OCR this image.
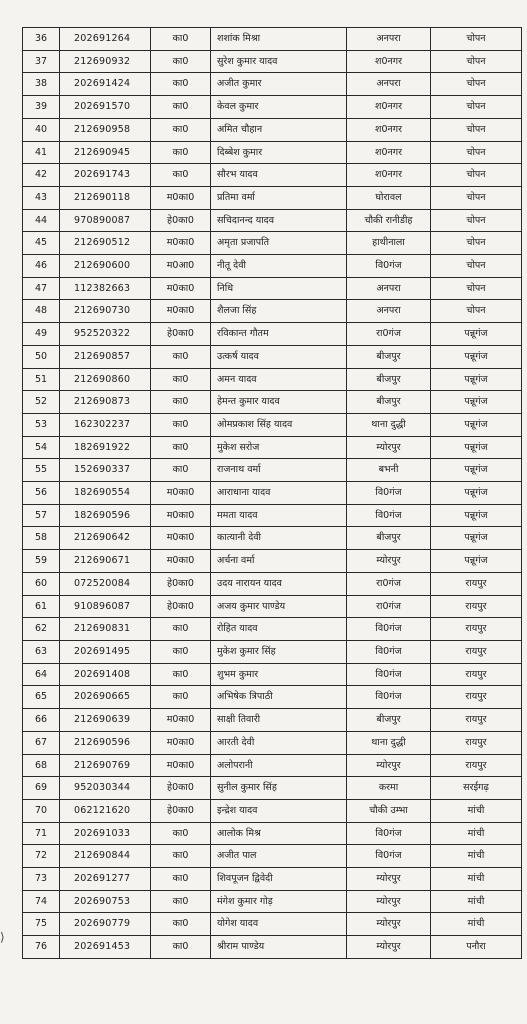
36	202691264	का0	शशांक मिश्रा	अनपरा	चोपन
37	212690932	का0	सुरेश कुमार यादव	श0नगर	चोपन
38	202691424	का0	अजीत कुमार	अनपरा	चोपन
39	202691570	का0	केवल कुमार	श0नगर	चोपन
40	212690958	का0	अमित चौहान	श0नगर	चोपन
41	212690945	का0	दिब्बेश कुमार	श0नगर	चोपन
42	202691743	का0	सौरभ यादव	श0नगर	चोपन
43	212690118	म0का0	प्रतिमा वर्मा	घोरावल	चोपन
44	970890087	हे0का0	सचिदानन्द यादव	चौकी रानीडीह	चोपन
45	212690512	म0का0	अमृता प्रजापति	हाथीनाला	चोपन
46	212690600	म0आ0	नीतू देवी	वि0गंज	चोपन
47	112382663	म0का0	निधि	अनपरा	चोपन
48	212690730	म0का0	शैलजा सिंह	अनपरा	चोपन
49	952520322	हे0का0	रविकान्त गौतम	रा0गंज	पन्नूगंज
50	212690857	का0	उत्कर्ष यादव	बीजपुर	पन्नूगंज
51	212690860	का0	अमन यादव	बीजपुर	पन्नूगंज
52	212690873	का0	हेमन्त कुमार यादव	बीजपुर	पन्नूगंज
53	162302237	का0	ओमप्रकाश सिंह यादव	थाना दुद्धी	पन्नूगंज
54	182691922	का0	मुकेश सरोज	म्योरपुर	पन्नूगंज
55	152690337	का0	राजनाथ वर्मा	बभनी	पन्नूगंज
56	182690554	म0का0	आराधाना यादव	वि0गंज	पन्नूगंज
57	182690596	म0का0	ममता यादव	वि0गंज	पन्नूगंज
58	212690642	म0का0	कात्यानी देवी	बीजपुर	पन्नूगंज
59	212690671	म0का0	अर्चना वर्मा	म्योरपुर	पन्नूगंज
60	072520084	हे0का0	उदय नारायन यादव	रा0गंज	रायपुर
61	910896087	हे0का0	अजय कुमार पाण्डेय	रा0गंज	रायपुर
62	212690831	का0	रोहित यादव	वि0गंज	रायपुर
63	202691495	का0	मुकेश कुमार सिंह	वि0गंज	रायपुर
64	202691408	का0	शुभम कुमार	वि0गंज	रायपुर
65	202690665	का0	अभिषेक त्रिपाठी	वि0गंज	रायपुर
66	212690639	म0का0	साक्षी तिवारी	बीजपुर	रायपुर
67	212690596	म0का0	आरती देवी	थाना दुद्धी	रायपुर
68	212690769	म0का0	अलोपरानी	म्योरपुर	रायपुर
69	952030344	हे0का0	सुनील कुमार सिंह	करमा	सरईगढ़
70	062121620	हे0का0	इन्द्रेश यादव	चौकी उम्भा	मांची
71	202691033	का0	आलोक मिश्र	वि0गंज	मांची
72	212690844	का0	अजीत पाल	वि0गंज	मांची
73	202691277	का0	शिवपूजन द्विवेदी	म्योरपुर	मांची
74	202690753	का0	मंगेश कुमार गोड़	म्योरपुर	मांची
75	202690779	का0	योगेश यादव	म्योरपुर	मांची
76	202691453	का0	श्रीराम पाण्डेय	म्योरपुर	पनौरा
⟩
